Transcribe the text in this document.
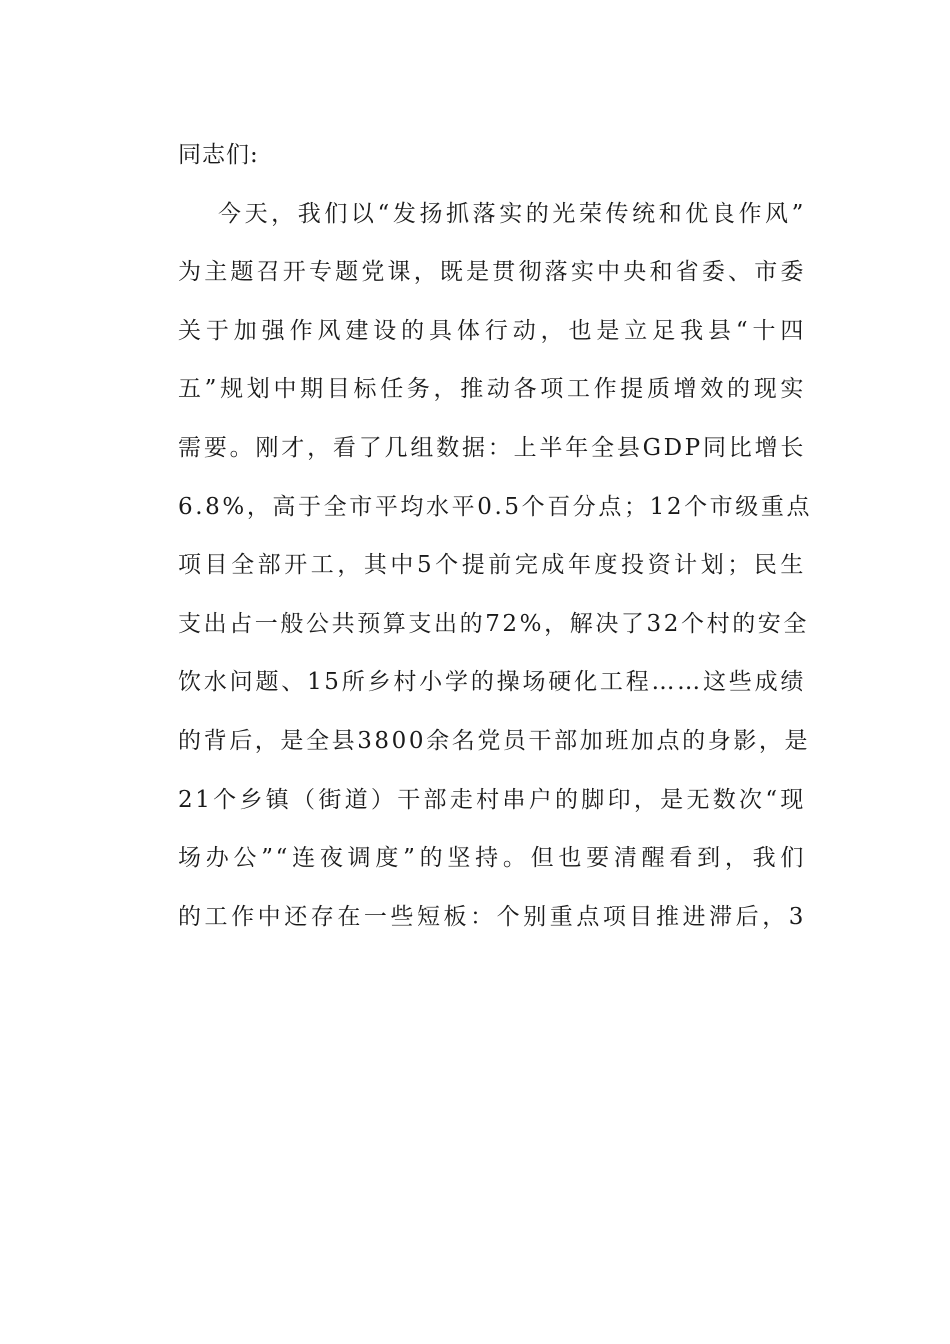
同志们:
今天，我们以“发扬抓落实的光荣传统和优良作风”
为主题召开专题党课，既是贯彻落实中央和省委、市委
关于加强作风建设的具体行动，也是立足我县“十四
五”规划中期目标任务，推动各项工作提质增效的现实
需要。刚才，看了几组数据：上半年全县GDP同比增长
6.8%，高于全市平均水平0.5个百分点；12个市级重点
项目全部开工，其中5个提前完成年度投资计划；民生
支出占一般公共预算支出的72%，解决了32个村的安全
饮水问题、15所乡村小学的操场硬化工程……这些成绩
的背后，是全县3800余名党员干部加班加点的身影，是
21个乡镇（街道）干部走村串户的脚印，是无数次“现
场办公”“连夜调度”的坚持。但也要清醒看到，我们
的工作中还存在一些短板：个别重点项目推进滞后，3
